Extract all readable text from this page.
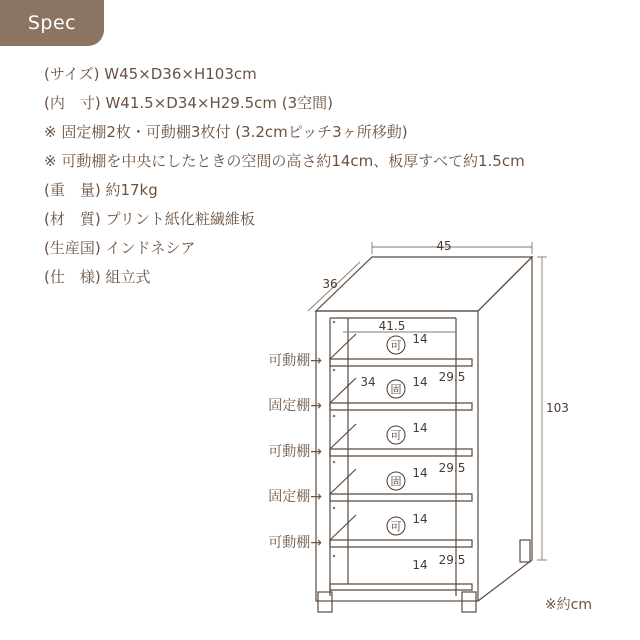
Spec
(サイズ) W45×D36×H103cm
(内　寸) W41.5×D34×H29.5cm (3空間)
※ 固定棚2枚・可動棚3枚付 (3.2cmピッチ3ヶ所移動)
※ 可動棚を中央にしたときの空間の高さ約14cm、板厚すべて約1.5cm
(重　量) 約17kg
(材　質) プリント紙化粧繊維板
(生産国) インドネシア
(仕　様) 組立式
45
36
103
41.5
34
14
14
14
14
14
14
29.5
29.5
29.5
可
固
可
固
可
可動棚→
固定棚→
可動棚→
固定棚→
可動棚→
※約cm
